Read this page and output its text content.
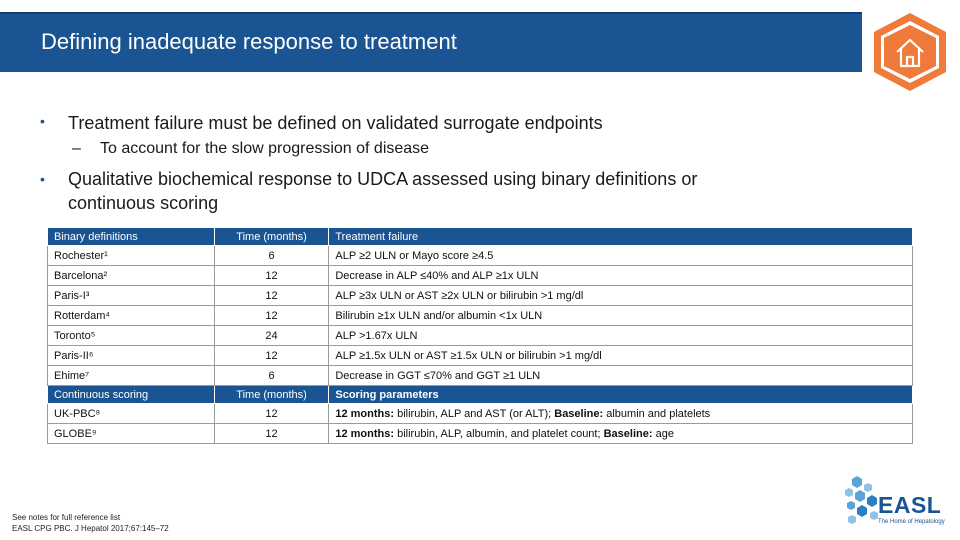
Defining inadequate response to treatment
• Treatment failure must be defined on validated surrogate endpoints
– To account for the slow progression of disease
• Qualitative biochemical response to UDCA assessed using binary definitions or
continuous scoring
Binary definitions	Time (months)	Treatment failure
Rochester¹	6	ALP ≥2 ULN or Mayo score ≥4.5
Barcelona²	12	Decrease in ALP ≤40% and ALP ≥1x ULN
Paris-I³	12	ALP ≥3x ULN or AST ≥2x ULN or bilirubin >1 mg/dl
Rotterdam⁴	12	Bilirubin ≥1x ULN and/or albumin <1x ULN
Toronto⁵	24	ALP >1.67x ULN
Paris-II⁶	12	ALP ≥1.5x ULN or AST ≥1.5x ULN or bilirubin >1 mg/dl
Ehime⁷	6	Decrease in GGT ≤70% and GGT ≥1 ULN
Continuous scoring	Time (months)	Scoring parameters
UK-PBC⁸	12	12 months: bilirubin, ALP and AST (or ALT); Baseline: albumin and platelets
GLOBE⁹	12	12 months: bilirubin, ALP, albumin, and platelet count; Baseline: age
See notes for full reference list
EASL CPG PBC. J Hepatol 2017;67:145–72
EASL
The Home of Hepatology
